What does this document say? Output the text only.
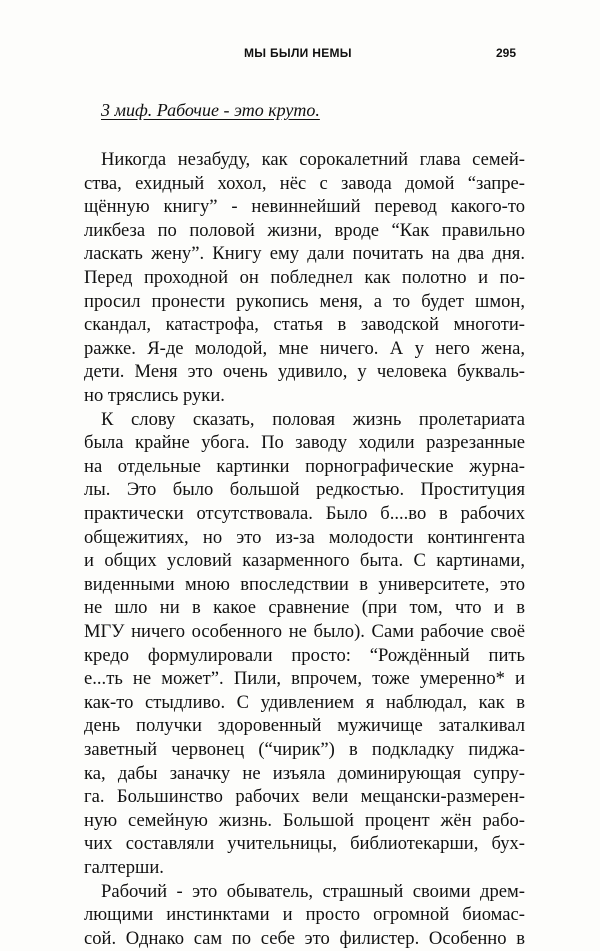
МЫ БЫЛИ НЕМЫ	295
3 миф. Рабочие - это круто.
Никогда незабуду, как сорокалетний глава семей-
ства, ехидный хохол, нёс с завода домой “запре-
щённую книгу” - невиннейший перевод какого-то
ликбеза по половой жизни, вроде “Как правильно
ласкать жену”. Книгу ему дали почитать на два дня.
Перед проходной он побледнел как полотно и по-
просил пронести рукопись меня, а то будет шмон,
скандал, катастрофа, статья в заводской многоти-
ражке. Я-де молодой, мне ничего. А у него жена,
дети. Меня это очень удивило, у человека букваль-
но тряслись руки.
К слову сказать, половая жизнь пролетариата
была крайне убога. По заводу ходили разрезанные
на отдельные картинки порнографические журна-
лы. Это было большой редкостью. Проституция
практически отсутствовала. Было б....во в рабочих
общежитиях, но это из-за молодости контингента
и общих условий казарменного быта. С картинами,
виденными мною впоследствии в университете, это
не шло ни в какое сравнение (при том, что и в
МГУ ничего особенного не было). Сами рабочие своё
кредо формулировали просто: “Рождённый пить
е...ть не может”. Пили, впрочем, тоже умеренно* и
как-то стыдливо. С удивлением я наблюдал, как в
день получки здоровенный мужичище заталкивал
заветный червонец (“чирик”) в подкладку пиджа-
ка, дабы заначку не изъяла доминирующая супру-
га. Большинство рабочих вели мещански-размерен-
ную семейную жизнь. Большой процент жён рабо-
чих составляли учительницы, библиотекарши, бух-
галтерши.
Рабочий - это обыватель, страшный своими дрем-
лющими инстинктами и просто огромной биомас-
сой. Однако сам по себе это филистер. Особенно в
